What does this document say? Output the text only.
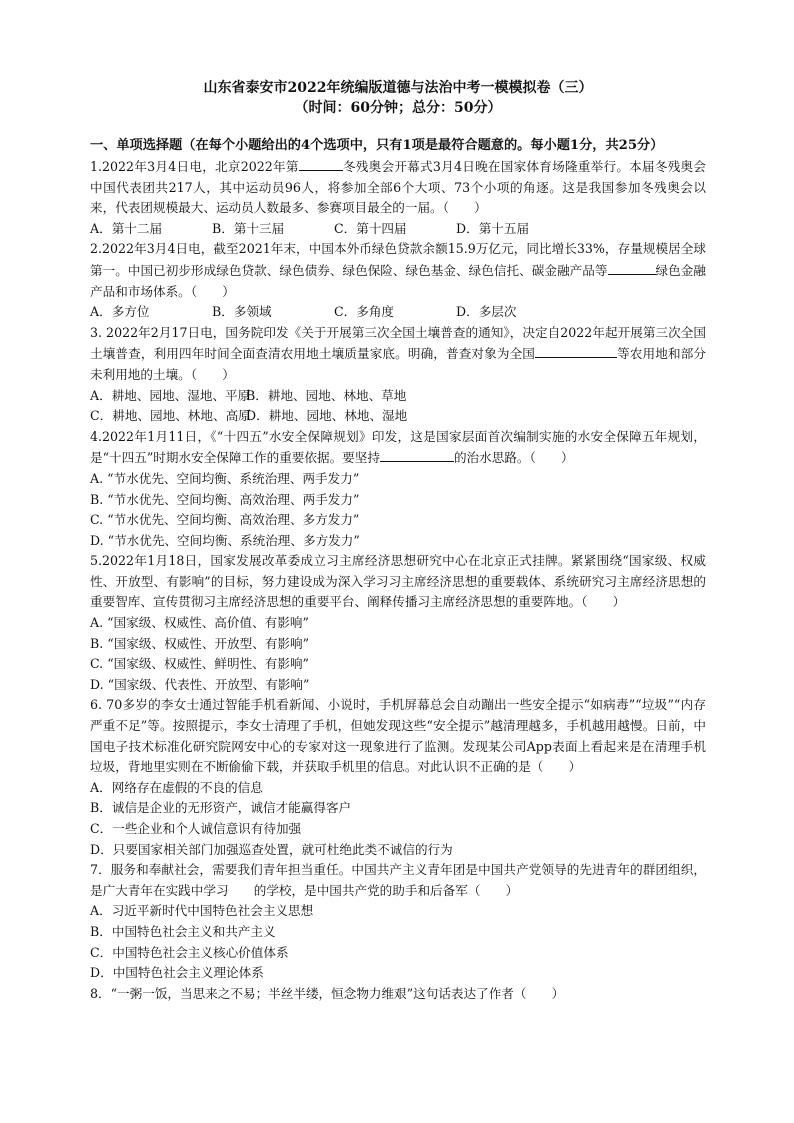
山东省泰安市2022年统编版道德与法治中考一模模拟卷（三）

（时间：60分钟；总分：50分）

一、单项选择题（在每个小题给出的4个选项中，只有1项是最符合题意的。每小题1分，共25分）

1.2022年3月4日电，北京2022年第	冬残奥会开幕式3月4日晚在国家体育场隆重举行。本届冬残奥会中国代表团共217人，其中运动员96人，将参加全部6个大项、73个小项的角逐。这是我国参加冬残奥会以来，代表团规模最大、运动员人数最多、参赛项目最全的一届。（　　）

A．第十二届	B．第十三届	C．第十四届	D．第十五届

2.2022年3月4日电，截至2021年末，中国本外币绿色贷款余额15.9万亿元，同比增长33%，存量规模居全球第一。中国已初步形成绿色贷款、绿色债券、绿色保险、绿色基金、绿色信托、碳金融产品等	绿色金融产品和市场体系。（　　）

A．多方位	B．多领域	C．多角度	D．多层次

3. 2022年2月17日电，国务院印发《关于开展第三次全国土壤普查的通知》，决定自2022年起开展第三次全国土壤普查，利用四年时间全面查清农用地土壤质量家底。明确，普查对象为全国	等农用地和部分未利用地的土壤。（　　）

A．耕地、园地、湿地、平原
B．耕地、园地、林地、草地
C．耕地、园地、林地、高原
D．耕地、园地、林地、湿地

4.2022年1月11日，《“十四五”水安全保障规划》印发，这是国家层面首次编制实施的水安全保障五年规划，是“十四五”时期水安全保障工作的重要依据。要坚持	的治水思路。（　　）

A. “节水优先、空间均衡、系统治理、两手发力”

B. “节水优先、空间均衡、高效治理、两手发力”

C. “节水优先、空间均衡、高效治理、多方发力”

D. “节水优先、空间均衡、系统治理、多方发力”

5.2022年1月18日，国家发展改革委成立习主席经济思想研究中心在北京正式挂牌。紧紧围绕“国家级、权威性、开放型、有影响”的目标，努力建设成为深入学习习主席经济思想的重要载体、系统研究习主席经济思想的重要智库、宣传贯彻习主席经济思想的重要平台、阐释传播习主席经济思想的重要阵地。（　　）

A. “国家级、权威性、高价值、有影响”

B. “国家级、权威性、开放型、有影响”

C. “国家级、权威性、鲜明性、有影响”

D. “国家级、代表性、开放型、有影响”

6. 70多岁的李女士通过智能手机看新闻、小说时，手机屏幕总会自动蹦出一些安全提示“如病毒”“垃圾”“内存严重不足”等。按照提示，李女士清理了手机，但她发现这些“安全提示”越清理越多，手机越用越慢。日前，中国电子技术标准化研究院网安中心的专家对这一现象进行了监测。发现某公司App表面上看起来是在清理手机垃圾，背地里实则在不断偷偷下载，并获取手机里的信息。对此认识不正确的是（　　）

A．网络存在虚假的不良的信息

B．诚信是企业的无形资产，诚信才能赢得客户

C．一些企业和个人诚信意识有待加强

D．只要国家相关部门加强巡查处置，就可杜绝此类不诚信的行为

7．服务和奉献社会，需要我们青年担当重任。中国共产主义青年团是中国共产党领导的先进青年的群团组织，是广大青年在实践中学习　　的学校，是中国共产党的助手和后备军（　　）

A．习近平新时代中国特色社会主义思想

B．中国特色社会主义和共产主义

C．中国特色社会主义核心价值体系

D．中国特色社会主义理论体系

8．“一粥一饭，当思来之不易；半丝半缕，恒念物力维艰”这句话表达了作者（　　）
